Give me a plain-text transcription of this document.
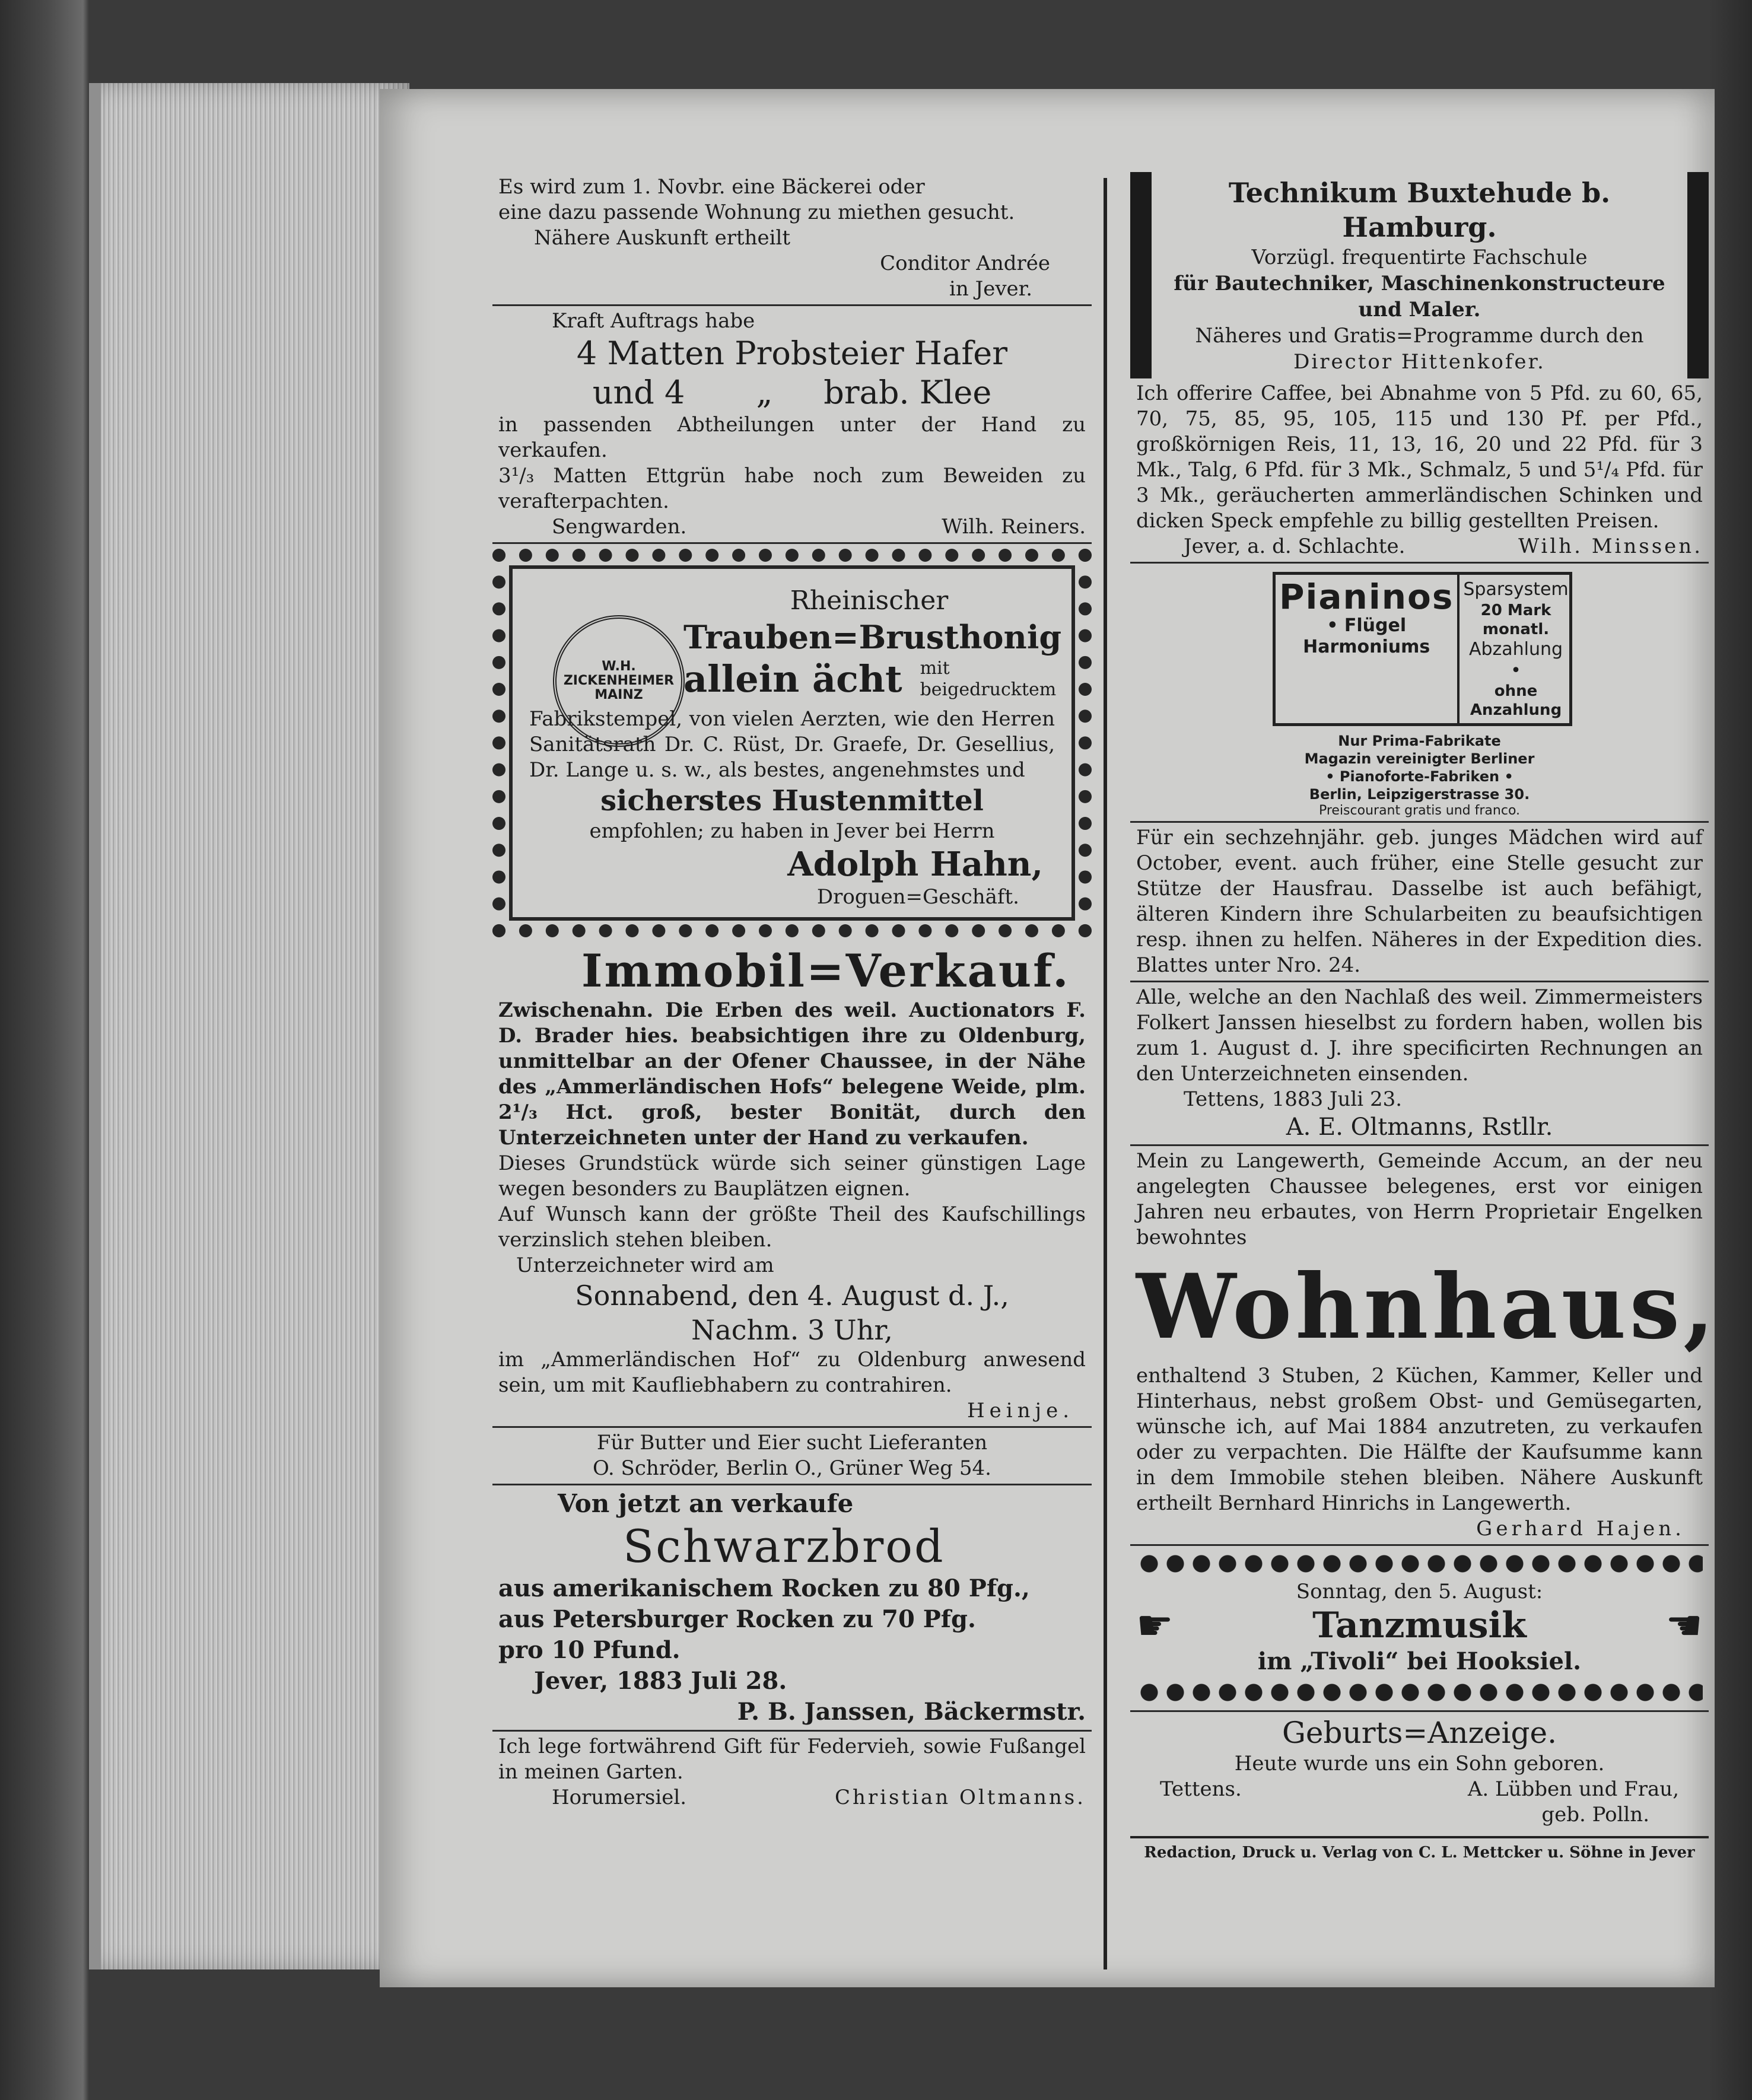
Es wird zum 1. Novbr. eine Bäckerei oder
eine dazu passende Wohnung zu miethen gesucht.
Nähere Auskunft ertheilt
Conditor Andrée
in Jever.
Kraft Auftrags habe
4 Matten Probsteier Hafer
und 4       „     brab. Klee
in passenden Abtheilungen unter der Hand zu verkaufen.
3¹/₃ Matten Ettgrün habe noch zum Beweiden zu verafterpachten.
Sengwarden.	Wilh. Reiners.
W.H. ZICKENHEIMER MAINZ
Rheinischer
Trauben=Brusthonig
allein ächt mit beigedrucktem
Fabrikstempel, von vielen Aerzten, wie den Herren Sanitätsrath Dr. C. Rüst, Dr. Graefe, Dr. Gesellius, Dr. Lange u. s. w., als bestes, angenehmstes und
sicherstes Hustenmittel
empfohlen; zu haben in Jever bei Herrn
Adolph Hahn,
Droguen=Geschäft.
Immobil=Verkauf.
Zwischenahn. Die Erben des weil. Auctionators F. D. Brader hies. beabsichtigen ihre zu Oldenburg, unmittelbar an der Ofener Chaussee, in der Nähe des „Ammerländischen Hofs“ belegene Weide, plm. 2¹/₃ Hct. groß, bester Bonität, durch den Unterzeichneten unter der Hand zu verkaufen.
Dieses Grundstück würde sich seiner günstigen Lage wegen besonders zu Bauplätzen eignen.
Auf Wunsch kann der größte Theil des Kaufschillings verzinslich stehen bleiben.
Unterzeichneter wird am
Sonnabend, den 4. August d. J.,
Nachm. 3 Uhr,
im „Ammerländischen Hof“ zu Oldenburg anwesend sein, um mit Kaufliebhabern zu contrahiren.
Heinje.
Für Butter und Eier sucht Lieferanten
O. Schröder, Berlin O., Grüner Weg 54.
Von jetzt an verkaufe
Schwarzbrod
aus amerikanischem Rocken zu 80 Pfg.,
aus Petersburger Rocken zu 70 Pfg.
pro 10 Pfund.
Jever, 1883 Juli 28.
P. B. Janssen, Bäckermstr.
Ich lege fortwährend Gift für Federvieh, sowie Fußangel in meinen Garten.
Horumersiel.	Christian Oltmanns.
Technikum Buxtehude b. Hamburg.
Vorzügl. frequentirte Fachschule
für Bautechniker, Maschinenkonstructeure
und Maler.
Näheres und Gratis=Programme durch den
Director Hittenkofer.
Ich offerire Caffee, bei Abnahme von 5 Pfd. zu 60, 65, 70, 75, 85, 95, 105, 115 und 130 Pf. per Pfd., großkörnigen Reis, 11, 13, 16, 20 und 22 Pfd. für 3 Mk., Talg, 6 Pfd. für 3 Mk., Schmalz, 5 und 5¹/₄ Pfd. für 3 Mk., geräucherten ammerländischen Schinken und dicken Speck empfehle zu billig gestellten Preisen.
Jever, a. d. Schlachte.	Wilh. Minssen.
Pianinos
• Flügel
Harmoniums
Sparsystem
20 Mark monatl.
Abzahlung •
ohne Anzahlung
Nur Prima-Fabrikate
Magazin vereinigter Berliner
• Pianoforte-Fabriken •
Berlin, Leipzigerstrasse 30.
Preiscourant gratis und franco.
Für ein sechzehnjähr. geb. junges Mädchen wird auf October, event. auch früher, eine Stelle gesucht zur Stütze der Hausfrau. Dasselbe ist auch befähigt, älteren Kindern ihre Schularbeiten zu beaufsichtigen resp. ihnen zu helfen. Näheres in der Expedition dies. Blattes unter Nro. 24.
Alle, welche an den Nachlaß des weil. Zimmermeisters Folkert Janssen hieselbst zu fordern haben, wollen bis zum 1. August d. J. ihre specificirten Rechnungen an den Unterzeichneten einsenden.
Tettens, 1883 Juli 23.
A. E. Oltmanns, Rstllr.
Mein zu Langewerth, Gemeinde Accum, an der neu angelegten Chaussee belegenes, erst vor einigen Jahren neu erbautes, von Herrn Proprietair Engelken bewohntes
Wohnhaus,
enthaltend 3 Stuben, 2 Küchen, Kammer, Keller und Hinterhaus, nebst großem Obst- und Gemüsegarten, wünsche ich, auf Mai 1884 anzutreten, zu verkaufen oder zu verpachten. Die Hälfte der Kaufsumme kann in dem Immobile stehen bleiben. Nähere Auskunft ertheilt Bernhard Hinrichs in Langewerth.
Gerhard Hajen.
Sonntag, den 5. August:
☛	Tanzmusik	☚
im „Tivoli“ bei Hooksiel.
Geburts=Anzeige.
Heute wurde uns ein Sohn geboren.
Tettens.	A. Lübben und Frau,
geb. Polln.
Redaction, Druck u. Verlag von C. L. Mettcker u. Söhne in Jever
